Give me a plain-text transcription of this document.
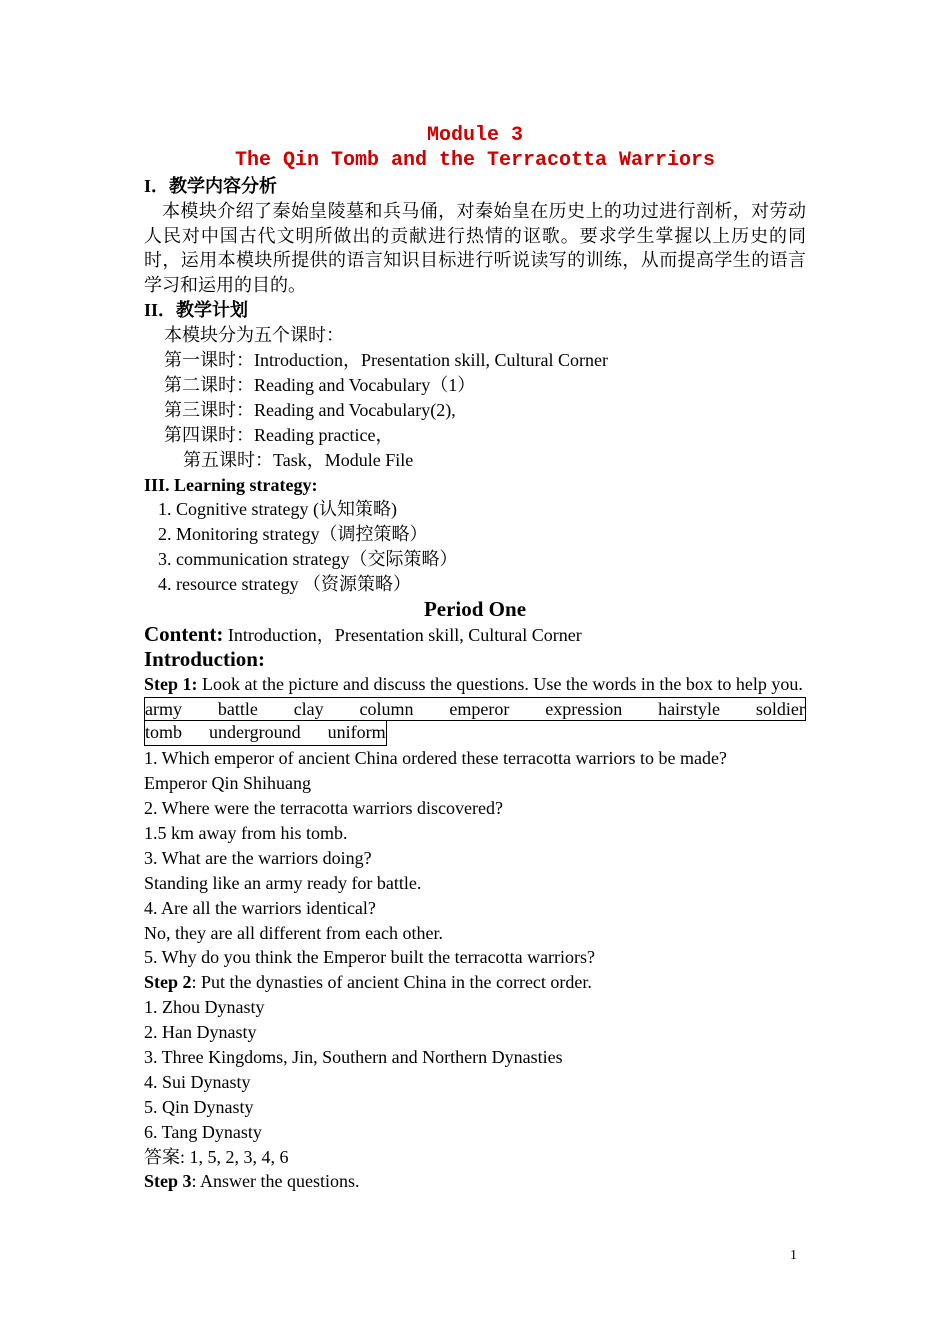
Module 3
The Qin Tomb and the Terracotta Warriors
I．教学内容分析
本模块介绍了秦始皇陵墓和兵马俑，对秦始皇在历史上的功过进行剖析，对劳动人民对中国古代文明所做出的贡献进行热情的讴歌。要求学生掌握以上历史的同时，运用本模块所提供的语言知识目标进行听说读写的训练，从而提高学生的语言学习和运用的目的。
II．教学计划
本模块分为五个课时：
第一课时：Introduction，Presentation skill, Cultural Corner
第二课时：Reading and Vocabulary（1）
第三课时：Reading and Vocabulary(2),
第四课时：Reading practice，
第五课时：Task，Module File
III. Learning strategy:
1. Cognitive strategy (认知策略)
2. Monitoring strategy（调控策略）
3. communication strategy（交际策略）
4. resource strategy （资源策略）
Period One
Content: Introduction，Presentation skill, Cultural Corner
Introduction:
Step 1: Look at the picture and discuss the questions. Use the words in the box to help you.
army battle clay column emperor expression hairstyle soldier
tomb underground uniform
1. Which emperor of ancient China ordered these terracotta warriors to be made?
Emperor Qin Shihuang
2. Where were the terracotta warriors discovered?
1.5 km away from his tomb.
3. What are the warriors doing?
Standing like an army ready for battle.
4. Are all the warriors identical?
No, they are all different from each other.
5. Why do you think the Emperor built the terracotta warriors?
Step 2: Put the dynasties of ancient China in the correct order.
1. Zhou Dynasty
2. Han Dynasty
3. Three Kingdoms, Jin, Southern and Northern Dynasties
4. Sui Dynasty
5. Qin Dynasty
6. Tang Dynasty
答案: 1, 5, 2, 3, 4, 6
Step 3: Answer the questions.
1
